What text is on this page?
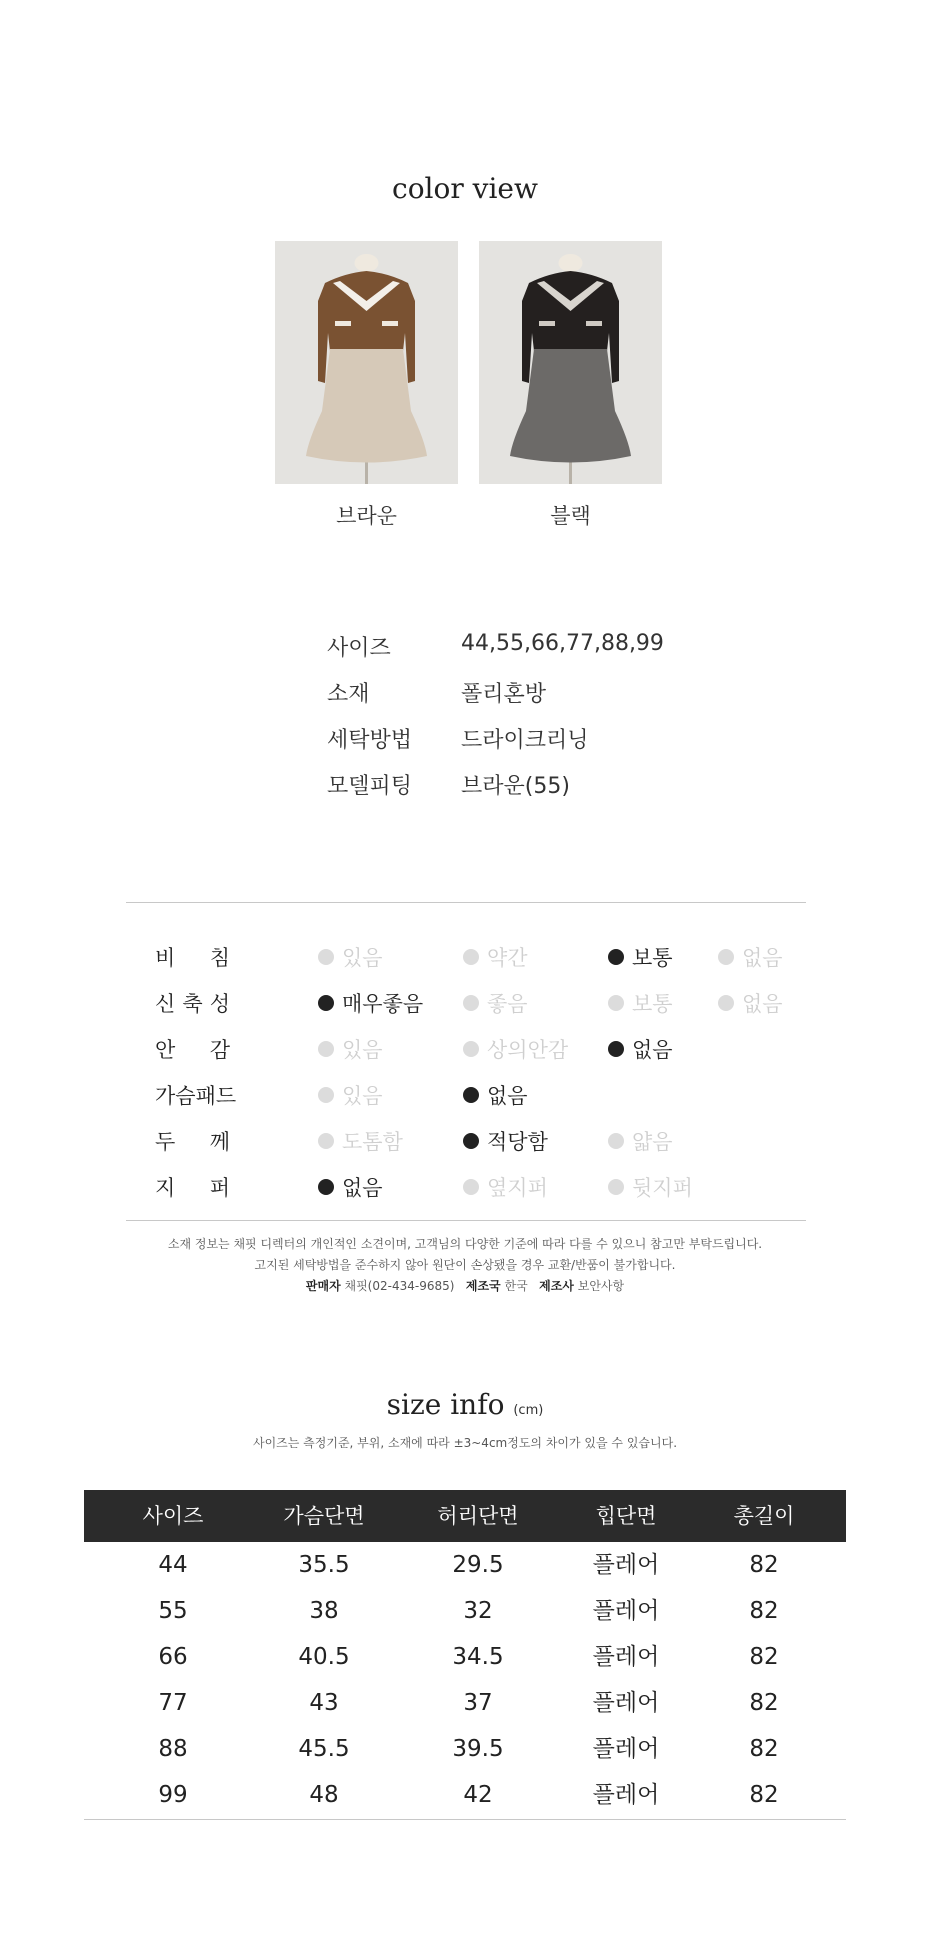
color view
브라운	블랙
사이즈	44,55,66,77,88,99
소재	폴리혼방
세탁방법 드라이크리닝
모델피팅 브라운(55)
비 침	있음	약간	보통	없음
신 축 성	매우좋음	좋음	보통	없음
안 감	있음	상의안감	없음
가슴패드	있음	없음
두 께	도톰함	적당함	얇음
지 퍼	없음	옆지퍼	뒷지퍼
소재 정보는 채핏 디렉터의 개인적인 소견이며, 고객님의 다양한 기준에 따라 다를 수 있으니 참고만 부탁드립니다.
고지된 세탁방법을 준수하지 않아 원단이 손상됐을 경우 교환/반품이 불가합니다.
판매자 채핏(02-434-9685) 제조국 한국 제조사 보안사항
size info (cm)
사이즈는 측정기준, 부위, 소재에 따라 ±3~4cm정도의 차이가 있을 수 있습니다.
사이즈	가슴단면	허리단면	힙단면	총길이
44	35.5	29.5	플레어	82
55	38	32	플레어	82
66	40.5	34.5	플레어	82
77	43	37	플레어	82
88	45.5	39.5	플레어	82
99	48	42	플레어	82
